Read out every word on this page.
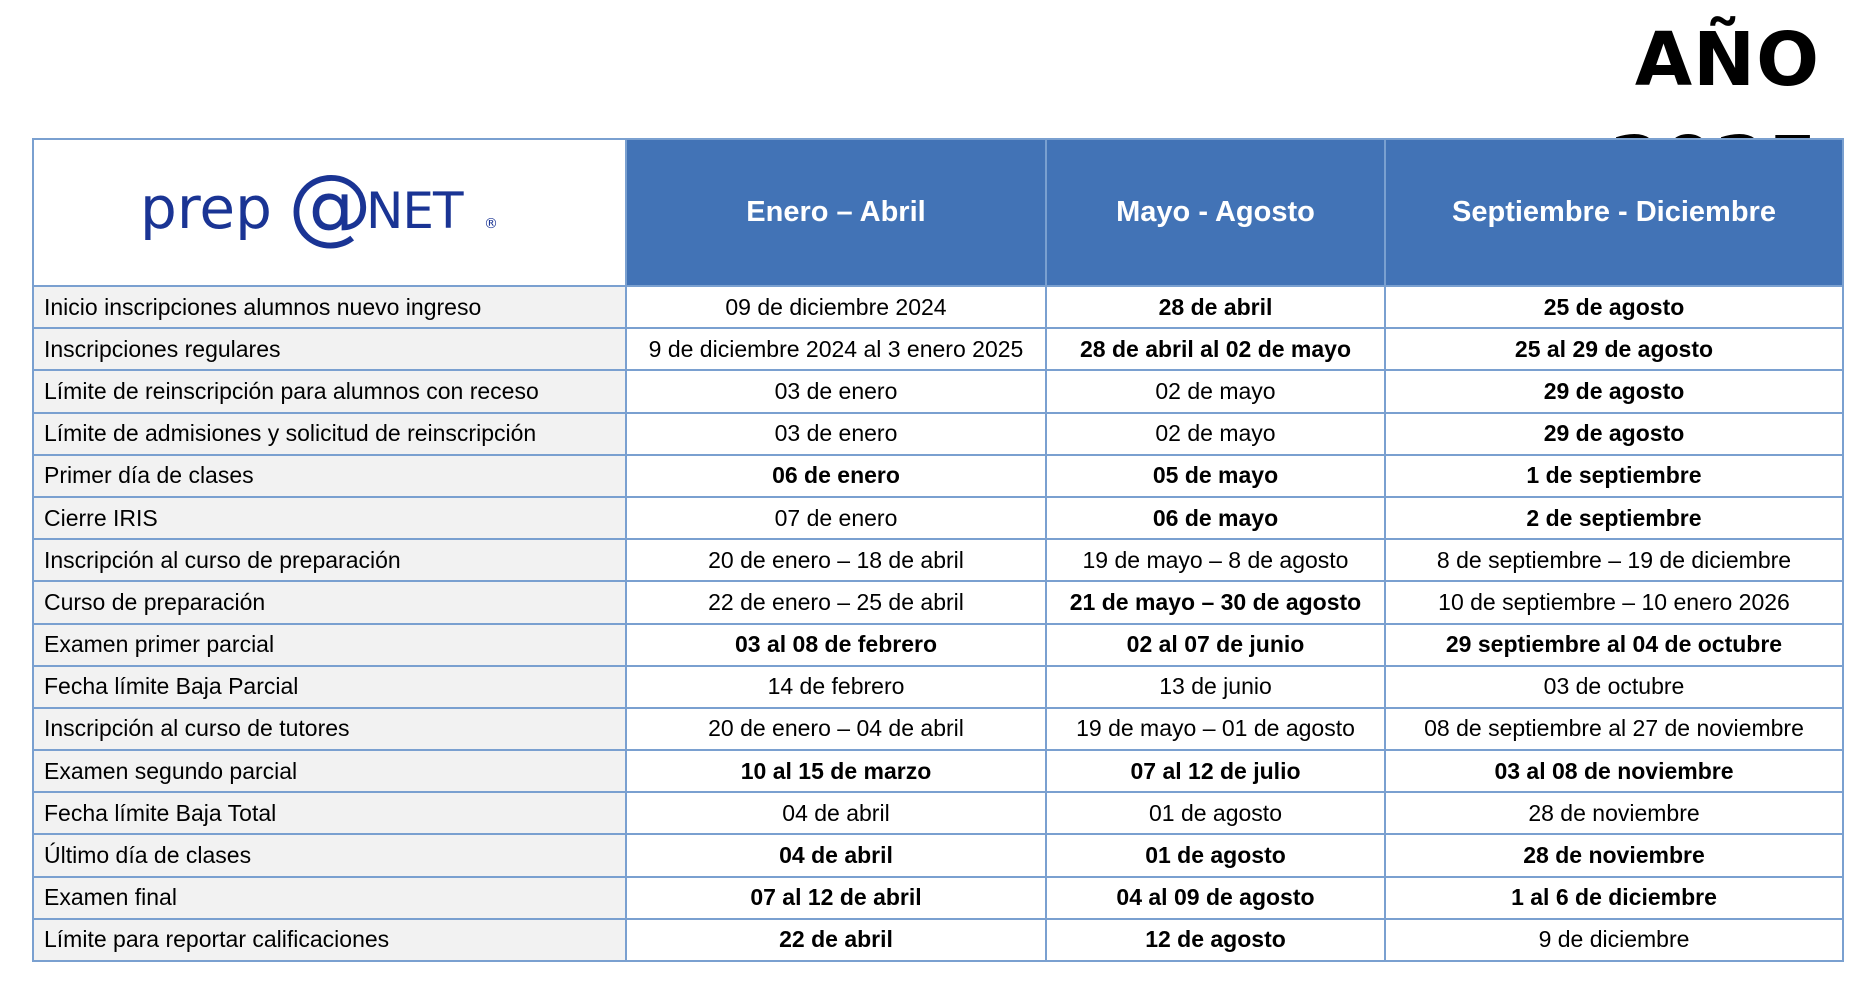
AÑO
prep @
NET ®	Enero – Abril	Mayo - Agosto	Septiembre - Diciembre
Inicio inscripciones alumnos nuevo ingreso	09 de diciembre 2024	28 de abril	25 de agosto
Inscripciones regulares	9 de diciembre 2024 al 3 enero 2025	28 de abril al 02 de mayo	25 al 29 de agosto
Límite de reinscripción para alumnos con receso	03 de enero	02 de mayo	29 de agosto
Límite de admisiones y solicitud de reinscripción	03 de enero	02 de mayo	29 de agosto
Primer día de clases	06 de enero	05 de mayo	1 de septiembre
Cierre IRIS	07 de enero	06 de mayo	2 de septiembre
Inscripción al curso de preparación	20 de enero – 18 de abril	19 de mayo – 8 de agosto	8 de septiembre – 19 de diciembre
Curso de preparación	22 de enero – 25 de abril	21 de mayo – 30 de agosto	10 de septiembre – 10 enero 2026
Examen primer parcial	03 al 08 de febrero	02 al 07 de junio	29 septiembre al 04 de octubre
Fecha límite Baja Parcial	14 de febrero	13 de junio	03 de octubre
Inscripción al curso de tutores	20 de enero – 04 de abril	19 de mayo – 01 de agosto	08 de septiembre al 27 de noviembre
Examen segundo parcial	10 al 15 de marzo	07 al 12 de julio	03 al 08 de noviembre
Fecha límite Baja Total	04 de abril	01 de agosto	28 de noviembre
Último día de clases	04 de abril	01 de agosto	28 de noviembre
Examen final	07 al 12 de abril	04 al 09 de agosto	1 al 6 de diciembre
Límite para reportar calificaciones	22 de abril	12 de agosto	9 de diciembre
